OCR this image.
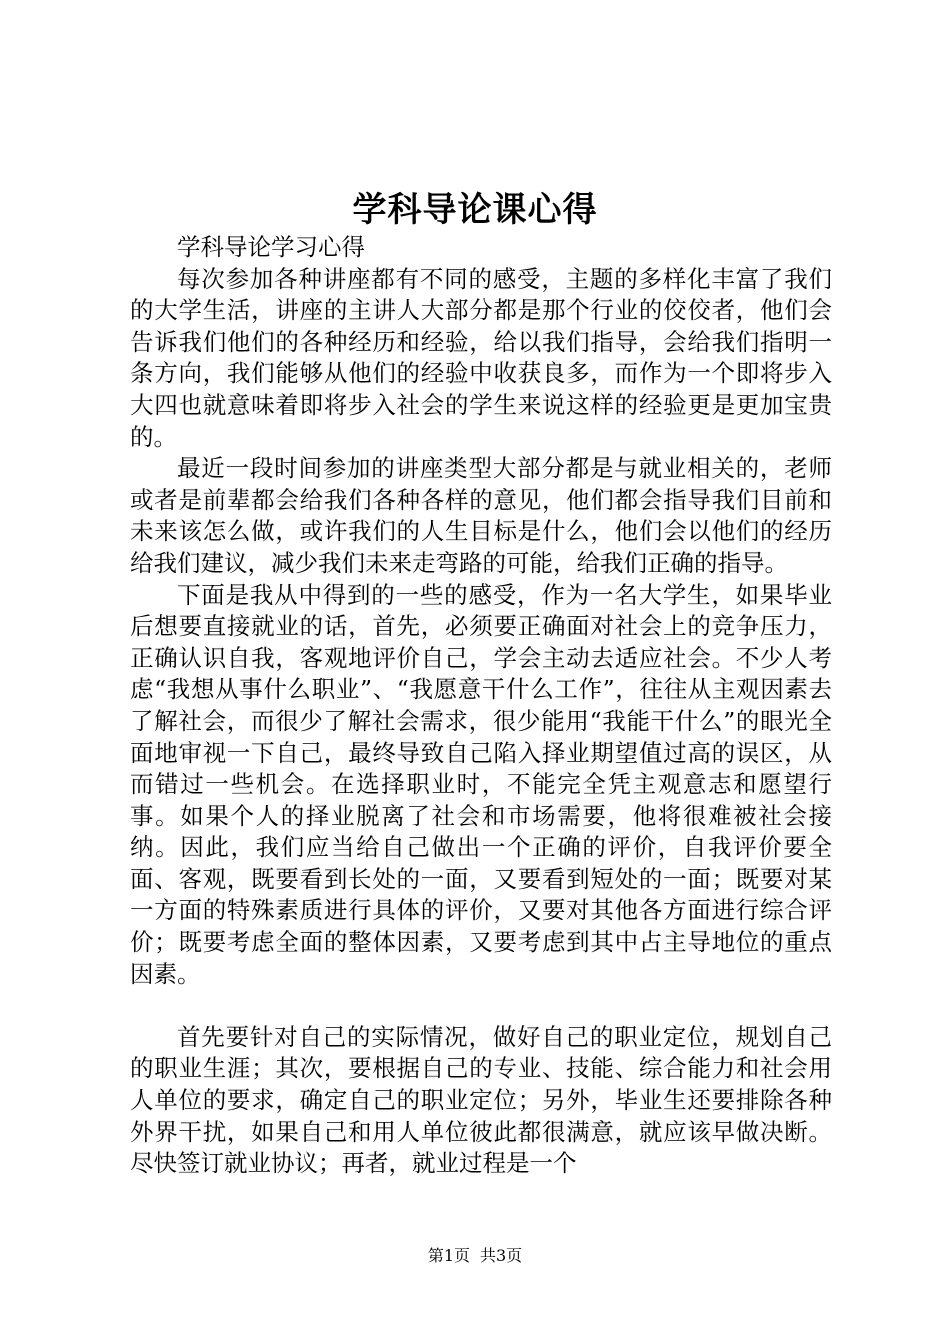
学科导论课心得

学科导论学习心得

每次参加各种讲座都有不同的感受，主题的多样化丰富了我们的大学生活，讲座的主讲人大部分都是那个行业的佼佼者，他们会告诉我们他们的各种经历和经验，给以我们指导，会给我们指明一条方向，我们能够从他们的经验中收获良多，而作为一个即将步入大四也就意味着即将步入社会的学生来说这样的经验更是更加宝贵的。

最近一段时间参加的讲座类型大部分都是与就业相关的，老师或者是前辈都会给我们各种各样的意见，他们都会指导我们目前和未来该怎么做，或许我们的人生目标是什么，他们会以他们的经历给我们建议，减少我们未来走弯路的可能，给我们正确的指导。

下面是我从中得到的一些的感受，作为一名大学生，如果毕业后想要直接就业的话，首先，必须要正确面对社会上的竞争压力，正确认识自我，客观地评价自己，学会主动去适应社会。不少人考虑“我想从事什么职业”、“我愿意干什么工作”，往往从主观因素去了解社会，而很少了解社会需求，很少能用“我能干什么”的眼光全面地审视一下自己，最终导致自己陷入择业期望值过高的误区，从而错过一些机会。在选择职业时，不能完全凭主观意志和愿望行事。如果个人的择业脱离了社会和市场需要，他将很难被社会接纳。因此，我们应当给自己做出一个正确的评价，自我评价要全面、客观，既要看到长处的一面，又要看到短处的一面；既要对某一方面的特殊素质进行具体的评价，又要对其他各方面进行综合评价；既要考虑全面的整体因素，又要考虑到其中占主导地位的重点因素。

首先要针对自己的实际情况，做好自己的职业定位，规划自己的职业生涯；其次，要根据自己的专业、技能、综合能力和社会用人单位的要求，确定自己的职业定位；另外，毕业生还要排除各种外界干扰，如果自己和用人单位彼此都很满意，就应该早做决断。尽快签订就业协议；再者，就业过程是一个

第1页 共3页
